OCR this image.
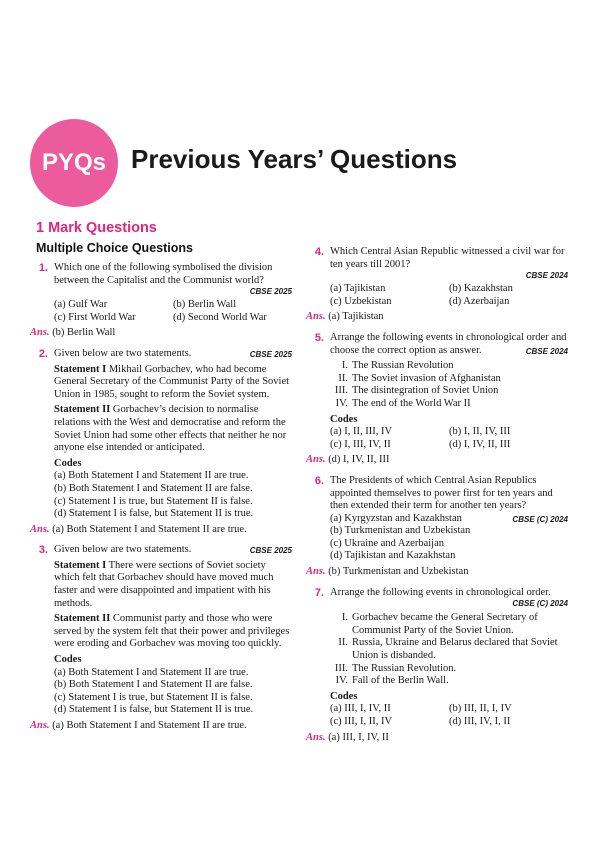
PYQs Previous Years’ Questions
1 Mark Questions
Multiple Choice Questions
1. Which one of the following symbolised the division between the Capitalist and the Communist world?
CBSE 2025
(a) Gulf War	(b) Berlin Wall
(c) First World War	(d) Second World War
Ans. (b) Berlin Wall
2. Given below are two statements.	CBSE 2025
Statement I Mikhail Gorbachev, who had become General Secretary of the Communist Party of the Soviet Union in 1985, sought to reform the Soviet system.
Statement II Gorbachev’s decision to normalise relations with the West and democratise and reform the Soviet Union had some other effects that neither he nor anyone else intended or anticipated.
Codes
(a) Both Statement I and Statement II are true.
(b) Both Statement I and Statement II are false.
(c) Statement I is true, but Statement II is false.
(d) Statement I is false, but Statement II is true.
Ans. (a) Both Statement I and Statement II are true.
3. Given below are two statements.	CBSE 2025
Statement I There were sections of Soviet society which felt that Gorbachev should have moved much faster and were disappointed and impatient with his methods.
Statement II Communist party and those who were served by the system felt that their power and privileges were eroding and Gorbachev was moving too quickly.
Codes
(a) Both Statement I and Statement II are true.
(b) Both Statement I and Statement II are false.
(c) Statement I is true, but Statement II is false.
(d) Statement I is false, but Statement II is true.
Ans. (a) Both Statement I and Statement II are true.
4. Which Central Asian Republic witnessed a civil war for ten years till 2001?
CBSE 2024
(a) Tajikistan	(b) Kazakhstan
(c) Uzbekistan	(d) Azerbaijan
Ans. (a) Tajikistan
5. Arrange the following events in chronological order and choose the correct option as answer.	CBSE 2024
I. The Russian Revolution
II. The Soviet invasion of Afghanistan
III. The disintegration of Soviet Union
IV. The end of the World War II
Codes
(a) I, II, III, IV	(b) I, II, IV, III
(c) I, III, IV, II	(d) I, IV, II, III
Ans. (d) I, IV, II, III
6. The Presidents of which Central Asian Republics appointed themselves to power first for ten years and then extended their term for another ten years?
(a) Kyrgyzstan and Kazakhstan	CBSE (C) 2024
(b) Turkmenistan and Uzbekistan
(c) Ukraine and Azerbaijan
(d) Tajikistan and Kazakhstan
Ans. (b) Turkmenistan and Uzbekistan
7. Arrange the following events in chronological order.
CBSE (C) 2024
I. Gorbachev became the General Secretary of Communist Party of the Soviet Union.
II. Russia, Ukraine and Belarus declared that Soviet Union is disbanded.
III. The Russian Revolution.
IV. Fall of the Berlin Wall.
Codes
(a) III, I, IV, II	(b) III, II, I, IV
(c) III, I, II, IV	(d) III, IV, I, II
Ans. (a) III, I, IV, II
